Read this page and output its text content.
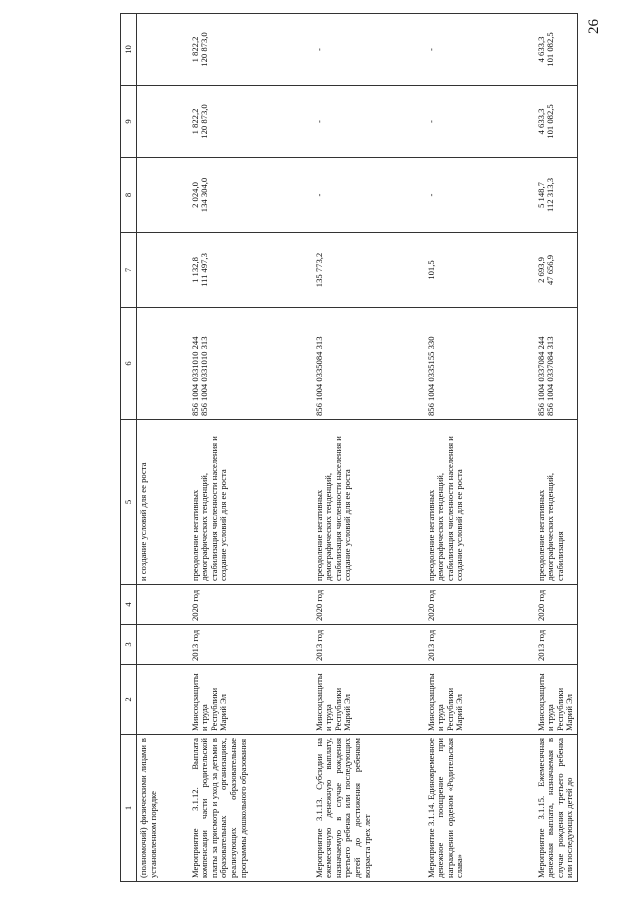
26
1	2	3	4	5	6	7	8	9	10
(полномочий) физическими лицами в установленном порядке				и создание условий для ее роста					
Мероприятие 3.1.12. Выплата компенсации части родительской платы за присмотр и уход за детьми в образовательных организациях, реализующих образовательные программы дошкольного образования	Минсоцзащиты и труда Республики Марий Эл	2013 год	2020 год	преодоление негативных демографических тенденций, стабилизация численности населения и создание условий для ее роста	856 1004 0331010 244 856 1004 0331010 313	1 132,8 111 497,3	2 024,0 134 304,0	1 822,2 120 873,0	1 822,2 120 873,0

Мероприятие 3.1.13. Субсидии на ежемесячную денежную выплату, назначаемую в случае рождения третьего ребенка или последующих детей до достижения ребенком возраста трех лет	Минсоцзащиты и труда Республики Марий Эл	2013 год	2020 год	преодоление негативных демографических тенденций, стабилизация численности населения и создание условий для ее роста	856 1004 0335084 313	135 773,2	-	-	-

Мероприятие 3.1.14. Единовременное денежное поощрение при награждении орденом «Родительская слава»	Минсоцзащиты и труда Республики Марий Эл	2013 год	2020 год	преодоление негативных демографических тенденций, стабилизация численности населения и создание условий для ее роста	856 1004 0335155 330	101,5	-	-	-

Мероприятие 3.1.15. Ежемесячная денежная выплата, назначаемая в случае рождения третьего ребенка или последующих детей до	Минсоцзащиты и труда Республики Марий Эл	2013 год	2020 год	преодоление негативных демографических тенденций, стабилизация	856 1004 0337084 244 856 1004 0337084 313	2 693,9 47 656,9	5 148,7 112 313,3	4 633,3 101 082,5	4 633,3 101 082,5
